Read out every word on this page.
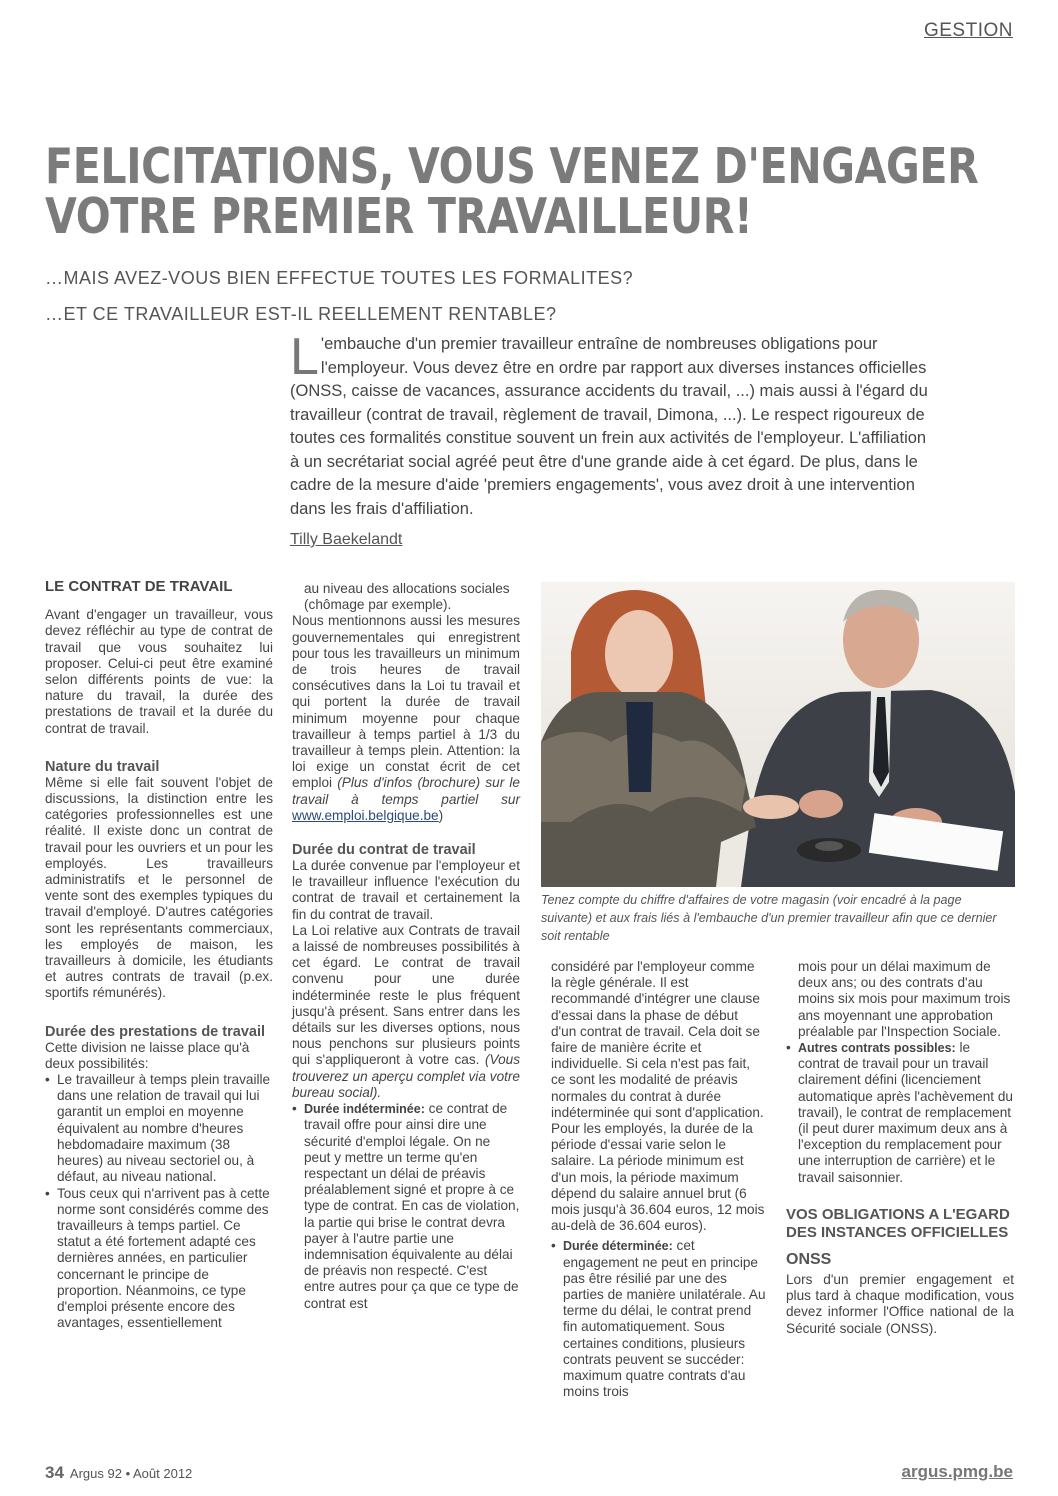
GESTION
FELICITATIONS, VOUS VENEZ D'ENGAGER
VOTRE PREMIER TRAVAILLEUR!
…MAIS AVEZ-VOUS BIEN EFFECTUE TOUTES LES FORMALITES?
…ET CE TRAVAILLEUR EST-IL REELLEMENT RENTABLE?
L 'embauche d'un premier travailleur entraîne de nombreuses obligations pour l'employeur. Vous devez être en ordre par rapport aux diverses instances officielles (ONSS, caisse de vacances, assurance accidents du travail, ...) mais aussi à l'égard du travailleur (contrat de travail, règlement de travail, Dimona, ...). Le respect rigoureux de toutes ces formalités constitue souvent un frein aux activités de l'employeur. L'affiliation à un secrétariat social agréé peut être d'une grande aide à cet égard. De plus, dans le cadre de la mesure d'aide 'premiers engagements', vous avez droit à une intervention dans les frais d'affiliation.
Tilly Baekelandt
LE CONTRAT DE TRAVAIL

Avant d'engager un travailleur, vous devez réfléchir au type de contrat de travail que vous souhaitez lui proposer. Celui-ci peut être examiné selon différents points de vue: la nature du travail, la durée des prestations de travail et la durée du contrat de travail.

Nature du travail

Même si elle fait souvent l'objet de discussions, la distinction entre les catégories professionnelles est une réalité. Il existe donc un contrat de travail pour les ouvriers et un pour les employés. Les travailleurs administratifs et le personnel de vente sont des exemples typiques du travail d'employé. D'autres catégories sont les représentants commerciaux, les employés de maison, les travailleurs à domicile, les étudiants et autres contrats de travail (p.ex. sportifs rémunérés).

Durée des prestations de travail

Cette division ne laisse place qu'à deux possibilités:

• Le travailleur à temps plein travaille dans une relation de travail qui lui garantit un emploi en moyenne équivalent au nombre d'heures hebdomadaire maximum (38 heures) au niveau sectoriel ou, à défaut, au niveau national.

• Tous ceux qui n'arrivent pas à cette norme sont considérés comme des travailleurs à temps partiel. Ce statut a été fortement adapté ces dernières années, en particulier concernant le principe de proportion. Néanmoins, ce type d'emploi présente encore des avantages, essentiellement

au niveau des allocations sociales (chômage par exemple).

Nous mentionnons aussi les mesures gouvernementales qui enregistrent pour tous les travailleurs un minimum de trois heures de travail consécutives dans la Loi tu travail et qui portent la durée de travail minimum moyenne pour chaque travailleur à temps partiel à 1/3 du travailleur à temps plein. Attention: la loi exige un constat écrit de cet emploi (Plus d'infos (brochure) sur le travail à temps partiel sur www.emploi.belgique.be)

Durée du contrat de travail

La durée convenue par l'employeur et le travailleur influence l'exécution du contrat de travail et certainement la fin du contrat de travail.

La Loi relative aux Contrats de travail a laissé de nombreuses possibilités à cet égard. Le contrat de travail convenu pour une durée indéterminée reste le plus fréquent jusqu'à présent. Sans entrer dans les détails sur les diverses options, nous nous penchons sur plusieurs points qui s'appliqueront à votre cas. (Vous trouverez un aperçu complet via votre bureau social).

• Durée indéterminée: ce contrat de travail offre pour ainsi dire une sécurité d'emploi légale. On ne peut y mettre un terme qu'en respectant un délai de préavis préalablement signé et propre à ce type de contrat. En cas de violation, la partie qui brise le contrat devra payer à l'autre partie une indemnisation équivalente au délai de préavis non respecté. C'est entre autres pour ça que ce type de contrat est

Tenez compte du chiffre d'affaires de votre magasin (voir encadré à la page suivante) et aux frais liés à l'embauche d'un premier travailleur afin que ce dernier soit rentable

considéré par l'employeur comme la règle générale. Il est recommandé d'intégrer une clause d'essai dans la phase de début d'un contrat de travail. Cela doit se faire de manière écrite et individuelle. Si cela n'est pas fait, ce sont les modalité de préavis normales du contrat à durée indéterminée qui sont d'application. Pour les employés, la durée de la période d'essai varie selon le salaire. La période minimum est d'un mois, la période maximum dépend du salaire annuel brut (6 mois jusqu'à 36.604 euros, 12 mois au-delà de 36.604 euros).

• Durée déterminée: cet engagement ne peut en principe pas être résilié par une des parties de manière unilatérale. Au terme du délai, le contrat prend fin automatiquement. Sous certaines conditions, plusieurs contrats peuvent se succéder: maximum quatre contrats d'au moins trois

mois pour un délai maximum de deux ans; ou des contrats d'au moins six mois pour maximum trois ans moyennant une approbation préalable par l'Inspection Sociale.

• Autres contrats possibles: le contrat de travail pour un travail clairement défini (licenciement automatique après l'achèvement du travail), le contrat de remplacement (il peut durer maximum deux ans à l'exception du remplacement pour une interruption de carrière) et le travail saisonnier.

VOS OBLIGATIONS A L'EGARD DES INSTANCES OFFICIELLES
ONSS

Lors d'un premier engagement et plus tard à chaque modification, vous devez informer l'Office national de la Sécurité sociale (ONSS).

34 Argus 92 • Août 2012	argus.pmg.be
